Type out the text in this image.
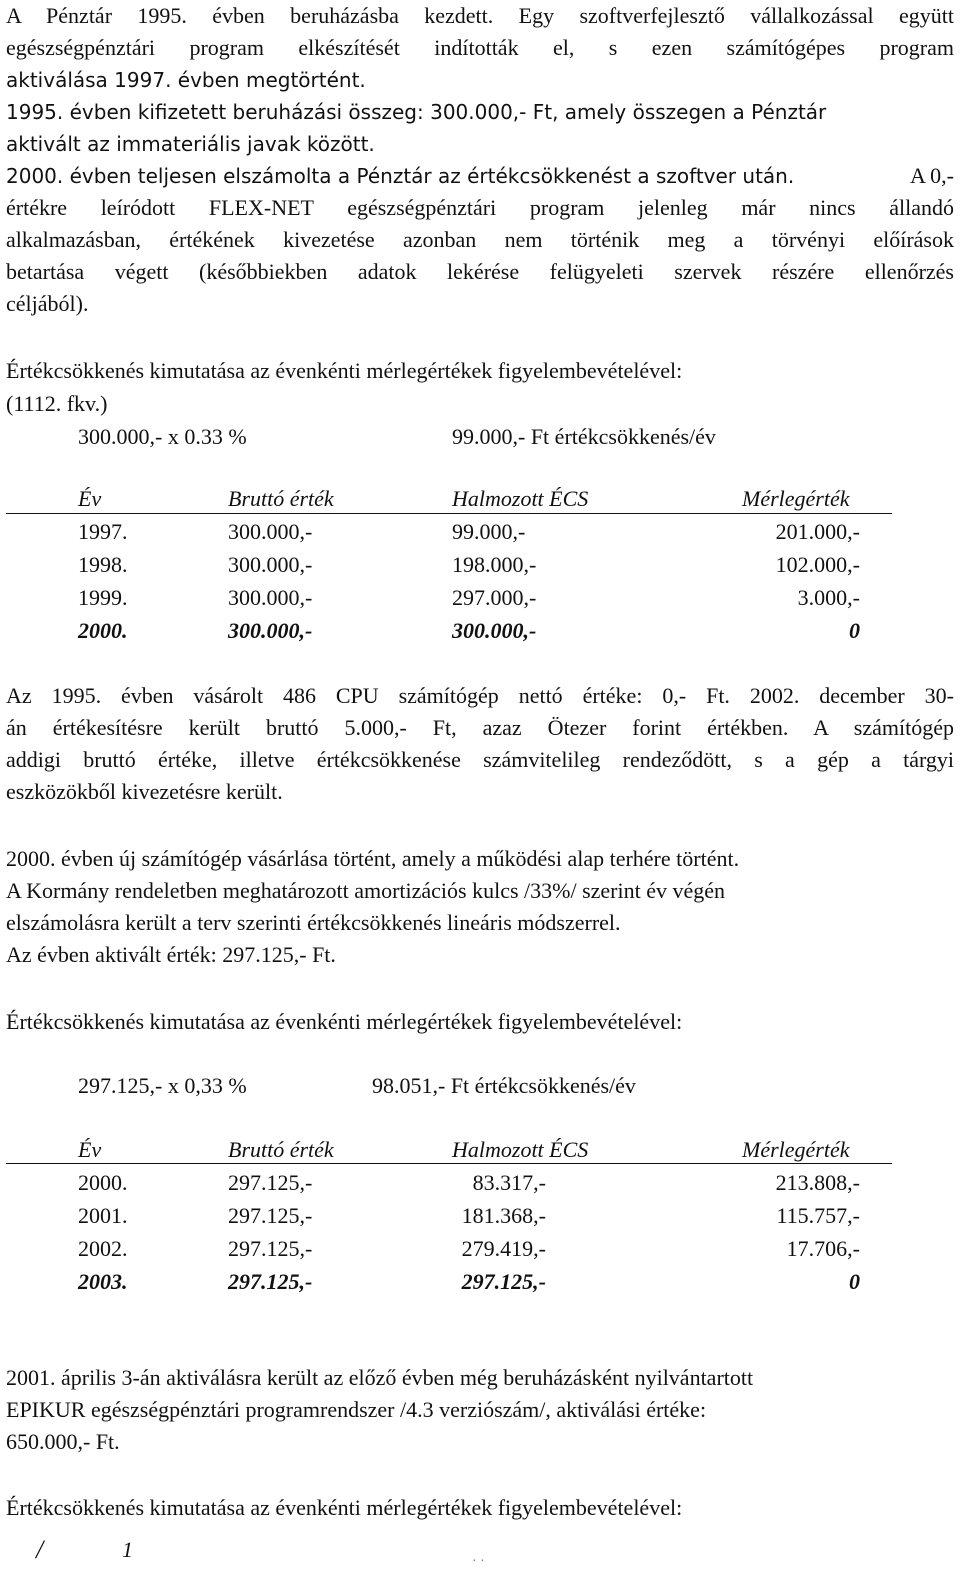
A Pénztár 1995. évben beruházásba kezdett. Egy szoftverfejlesztő vállalkozással együtt
egészségpénztári program elkészítését indították el, s ezen számítógépes program
aktiválása 1997. évben megtörtént.
1995. évben kifizetett beruházási összeg: 300.000,- Ft, amely összegen a Pénztár
aktivált az immateriális javak között.
2000. évben teljesen elszámolta a Pénztár az értékcsökkenést a szoftver után.	A 0,-
értékre leíródott FLEX-NET egészségpénztári program jelenleg már nincs állandó
alkalmazásban, értékének kivezetése azonban nem történik meg a törvényi előírások
betartása végett (későbbiekben adatok lekérése felügyeleti szervek részére ellenőrzés
céljából).
Értékcsökkenés kimutatása az évenkénti mérlegértékek figyelembevételével:
(1112. fkv.)
300.000,- x 0.33 %	99.000,- Ft értékcsökkenés/év
Év	Bruttó érték	Halmozott ÉCS	Mérlegérték
1997.	300.000,-	99.000,-	201.000,-
1998.	300.000,-	198.000,-	102.000,-
1999.	300.000,-	297.000,-	3.000,-
2000.	300.000,-	300.000,-	0
Az 1995. évben vásárolt 486 CPU számítógép nettó értéke: 0,- Ft. 2002. december 30-
án értékesítésre került bruttó 5.000,- Ft, azaz Ötezer forint értékben. A számítógép
addigi bruttó értéke, illetve értékcsökkenése számvitelileg rendeződött, s a gép a tárgyi
eszközökből kivezetésre került.
2000. évben új számítógép vásárlása történt, amely a működési alap terhére történt.
A Kormány rendeletben meghatározott amortizációs kulcs /33%/ szerint év végén
elszámolásra került a terv szerinti értékcsökkenés lineáris módszerrel.
Az évben aktivált érték: 297.125,- Ft.
Értékcsökkenés kimutatása az évenkénti mérlegértékek figyelembevételével:
297.125,- x 0,33 %	98.051,- Ft értékcsökkenés/év
Év	Bruttó érték	Halmozott ÉCS	Mérlegérték
2000.	297.125,-	83.317,-	213.808,-
2001.	297.125,-	181.368,-	115.757,-
2002.	297.125,-	279.419,-	17.706,-
2003.	297.125,-	297.125,-	0
2001. április 3-án aktiválásra került az előző évben még beruházásként nyilvántartott
EPIKUR egészségpénztári programrendszer /4.3 verziószám/, aktiválási értéke:
650.000,- Ft.
Értékcsökkenés kimutatása az évenkénti mérlegértékek figyelembevételével:
/	1	· ·
